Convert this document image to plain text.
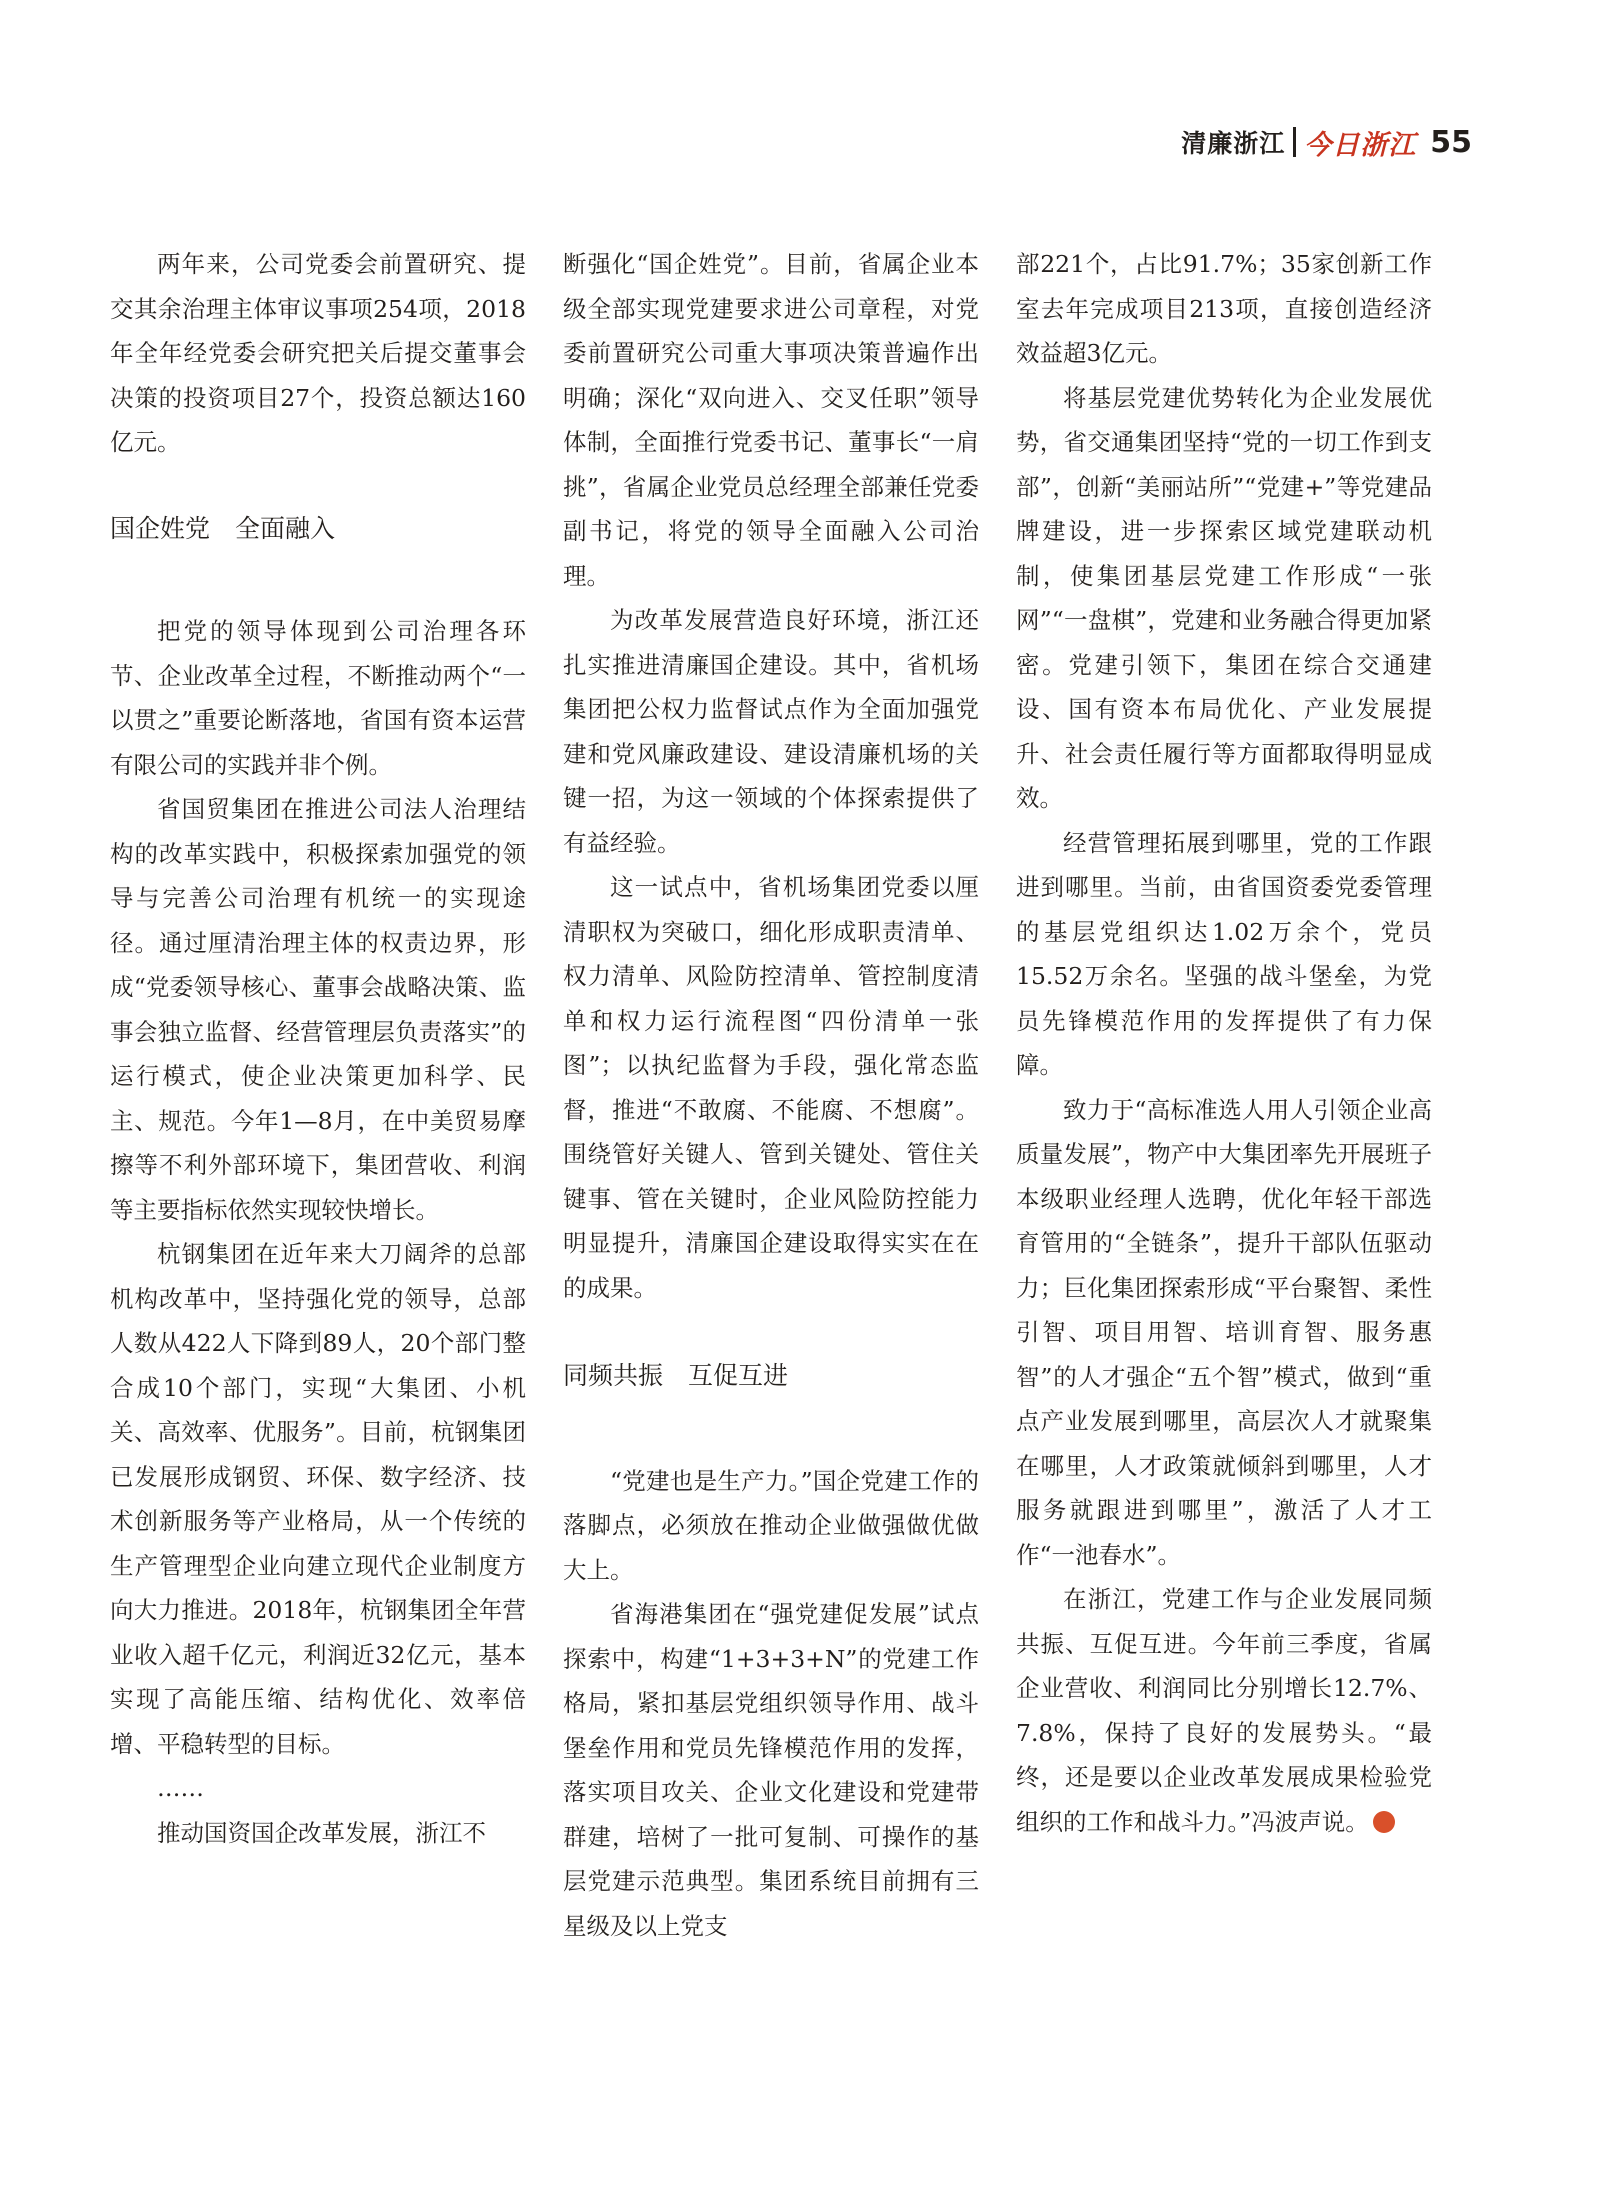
清廉浙江 今日浙江 55

两年来，公司党委会前置研究、提交其余治理主体审议事项254项，2018年全年经党委会研究把关后提交董事会决策的投资项目27个，投资总额达160亿元。

国企姓党　全面融入

把党的领导体现到公司治理各环节、企业改革全过程，不断推动两个“一以贯之”重要论断落地，省国有资本运营有限公司的实践并非个例。

省国贸集团在推进公司法人治理结构的改革实践中，积极探索加强党的领导与完善公司治理有机统一的实现途径。通过厘清治理主体的权责边界，形成“党委领导核心、董事会战略决策、监事会独立监督、经营管理层负责落实”的运行模式，使企业决策更加科学、民主、规范。今年1—8月，在中美贸易摩擦等不利外部环境下，集团营收、利润等主要指标依然实现较快增长。

杭钢集团在近年来大刀阔斧的总部机构改革中，坚持强化党的领导，总部人数从422人下降到89人，20个部门整合成10个部门，实现“大集团、小机关、高效率、优服务”。目前，杭钢集团已发展形成钢贸、环保、数字经济、技术创新服务等产业格局，从一个传统的生产管理型企业向建立现代企业制度方向大力推进。2018年，杭钢集团全年营业收入超千亿元，利润近32亿元，基本实现了高能压缩、结构优化、效率倍增、平稳转型的目标。

……

推动国资国企改革发展，浙江不

断强化“国企姓党”。目前，省属企业本级全部实现党建要求进公司章程，对党委前置研究公司重大事项决策普遍作出明确；深化“双向进入、交叉任职”领导体制，全面推行党委书记、董事长“一肩挑”，省属企业党员总经理全部兼任党委副书记，将党的领导全面融入公司治理。

为改革发展营造良好环境，浙江还扎实推进清廉国企建设。其中，省机场集团把公权力监督试点作为全面加强党建和党风廉政建设、建设清廉机场的关键一招，为这一领域的个体探索提供了有益经验。

这一试点中，省机场集团党委以厘清职权为突破口，细化形成职责清单、权力清单、风险防控清单、管控制度清单和权力运行流程图“四份清单一张图”；以执纪监督为手段，强化常态监督，推进“不敢腐、不能腐、不想腐”。围绕管好关键人、管到关键处、管住关键事、管在关键时，企业风险防控能力明显提升，清廉国企建设取得实实在在的成果。

同频共振　互促互进

“党建也是生产力。”国企党建工作的落脚点，必须放在推动企业做强做优做大上。

省海港集团在“强党建促发展”试点探索中，构建“1+3+3+N”的党建工作格局，紧扣基层党组织领导作用、战斗堡垒作用和党员先锋模范作用的发挥，落实项目攻关、企业文化建设和党建带群建，培树了一批可复制、可操作的基层党建示范典型。集团系统目前拥有三星级及以上党支

部221个，占比91.7%；35家创新工作室去年完成项目213项，直接创造经济效益超3亿元。

将基层党建优势转化为企业发展优势，省交通集团坚持“党的一切工作到支部”，创新“美丽站所”“党建+”等党建品牌建设，进一步探索区域党建联动机制，使集团基层党建工作形成“一张网”“一盘棋”，党建和业务融合得更加紧密。党建引领下，集团在综合交通建设、国有资本布局优化、产业发展提升、社会责任履行等方面都取得明显成效。

经营管理拓展到哪里，党的工作跟进到哪里。当前，由省国资委党委管理的基层党组织达1.02万余个，党员15.52万余名。坚强的战斗堡垒，为党员先锋模范作用的发挥提供了有力保障。

致力于“高标准选人用人引领企业高质量发展”，物产中大集团率先开展班子本级职业经理人选聘，优化年轻干部选育管用的“全链条”，提升干部队伍驱动力；巨化集团探索形成“平台聚智、柔性引智、项目用智、培训育智、服务惠智”的人才强企“五个智”模式，做到“重点产业发展到哪里，高层次人才就聚集在哪里，人才政策就倾斜到哪里，人才服务就跟进到哪里”，激活了人才工作“一池春水”。

在浙江，党建工作与企业发展同频共振、互促互进。今年前三季度，省属企业营收、利润同比分别增长12.7%、7.8%，保持了良好的发展势头。“最终，还是要以企业改革发展成果检验党组织的工作和战斗力。”冯波声说。
